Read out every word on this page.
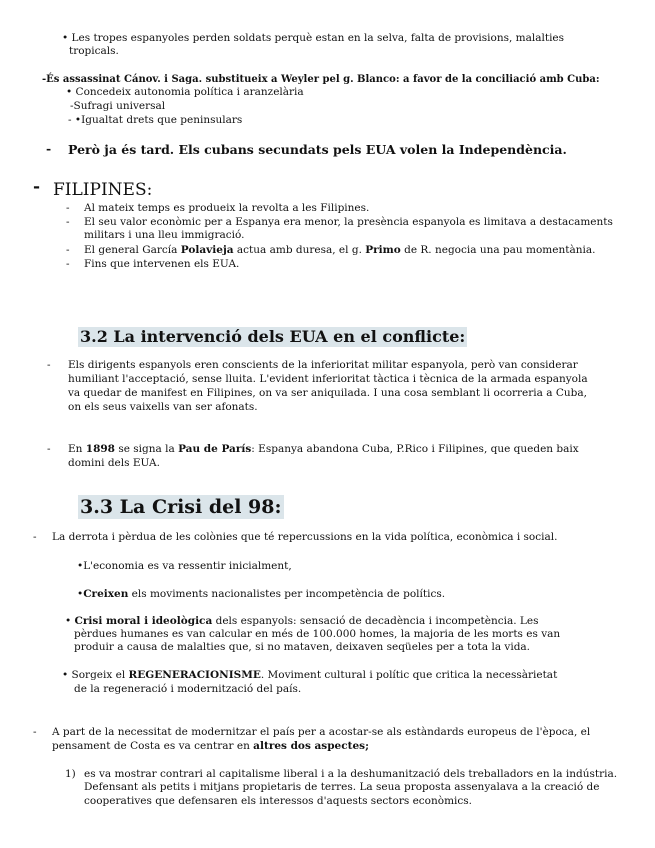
• Les tropes espanyoles perden soldats perquè estan en la selva, falta de provisions, malalties
tropicals.
-És assassinat Cánov. i Saga. substitueix a Weyler pel g. Blanco: a favor de la conciliació amb Cuba:
• Concedeix autonomia política i aranzelària
-Sufragi universal
- •Igualtat drets que peninsulars
- Però ja és tard. Els cubans secundats pels EUA volen la Independència.
- FILIPINES:
- Al mateix temps es produeix la revolta a les Filipines.
- El seu valor econòmic per a Espanya era menor, la presència espanyola es limitava a destacaments
militars i una lleu immigració.
- El general García Polavieja actua amb duresa, el g. Primo de R. negocia una pau momentània.
- Fins que intervenen els EUA.
3.2 La intervenció dels EUA en el conflicte:
- Els dirigents espanyols eren conscients de la inferioritat militar espanyola, però van considerar
humiliant l'acceptació, sense lluita. L'evident inferioritat tàctica i tècnica de la armada espanyola
va quedar de manifest en Filipines, on va ser aniquilada. I una cosa semblant li ocorreria a Cuba,
on els seus vaixells van ser afonats.
- En 1898 se signa la Pau de París: Espanya abandona Cuba, P.Rico i Filipines, que queden baix
domini dels EUA.
3.3 La Crisi del 98:
- La derrota i pèrdua de les colònies que té repercussions en la vida política, econòmica i social.
•L'economia es va ressentir inicialment,
•Creixen els moviments nacionalistes per incompetència de polítics.
• Crisi moral i ideològica dels espanyols: sensació de decadència i incompetència. Les
pèrdues humanes es van calcular en més de 100.000 homes, la majoria de les morts es van
produir a causa de malalties que, si no mataven, deixaven seqüeles per a tota la vida.
• Sorgeix el REGENERACIONISME. Moviment cultural i polític que critica la necessàrietat
de la regeneració i modernització del país.
- A part de la necessitat de modernitzar el país per a acostar-se als estàndards europeus de l'època, el
pensament de Costa es va centrar en altres dos aspectes;
1) es va mostrar contrari al capitalisme liberal i a la deshumanització dels treballadors en la indústria.
Defensant als petits i mitjans propietaris de terres. La seua proposta assenyalava a la creació de
cooperatives que defensaren els interessos d'aquests sectors econòmics.
